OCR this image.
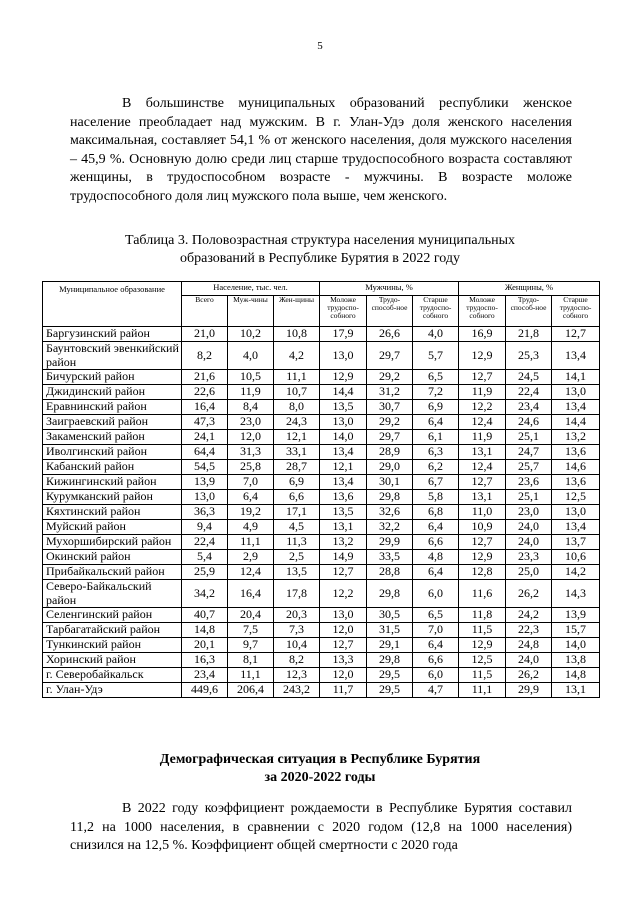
5

В большинстве муниципальных образований республики женское население преобладает над мужским. В г. Улан-Удэ доля женского населения максимальная, составляет 54,1 % от женского населения, доля мужского населения – 45,9 %. Основную долю среди лиц старше трудоспособного возраста составляют женщины, в трудоспособном возрасте - мужчины. В возрасте моложе трудоспособного доля лиц мужского пола выше, чем женского.

Таблица 3. Половозрастная структура населения муниципальных
образований в Республике Бурятия в 2022 году
Муниципальное образование	Население, тыс. чел.			Мужчины, %			Женщины, %		
	Всего	Муж-чины	Жен-щины	Моложе трудоспо-собного	Трудо-способ-ное	Старше трудоспо-собного	Моложе трудоспо-собного	Трудо-способ-ное	Старше трудоспо-собного
Баргузинский район	21,0	10,2	10,8	17,9	26,6	4,0	16,9	21,8	12,7
Баунтовский эвенкийский район	8,2	4,0	4,2	13,0	29,7	5,7	12,9	25,3	13,4
Бичурский район	21,6	10,5	11,1	12,9	29,2	6,5	12,7	24,5	14,1
Джидинский район	22,6	11,9	10,7	14,4	31,2	7,2	11,9	22,4	13,0
Еравнинский район	16,4	8,4	8,0	13,5	30,7	6,9	12,2	23,4	13,4
Заиграевский район	47,3	23,0	24,3	13,0	29,2	6,4	12,4	24,6	14,4
Закаменский район	24,1	12,0	12,1	14,0	29,7	6,1	11,9	25,1	13,2
Иволгинский район	64,4	31,3	33,1	13,4	28,9	6,3	13,1	24,7	13,6
Кабанский район	54,5	25,8	28,7	12,1	29,0	6,2	12,4	25,7	14,6
Кижингинский район	13,9	7,0	6,9	13,4	30,1	6,7	12,7	23,6	13,6
Курумканский район	13,0	6,4	6,6	13,6	29,8	5,8	13,1	25,1	12,5
Кяхтинский район	36,3	19,2	17,1	13,5	32,6	6,8	11,0	23,0	13,0
Муйский район	9,4	4,9	4,5	13,1	32,2	6,4	10,9	24,0	13,4
Мухоршибирский район	22,4	11,1	11,3	13,2	29,9	6,6	12,7	24,0	13,7
Окинский район	5,4	2,9	2,5	14,9	33,5	4,8	12,9	23,3	10,6
Прибайкальский район	25,9	12,4	13,5	12,7	28,8	6,4	12,8	25,0	14,2
Северо-Байкальский район	34,2	16,4	17,8	12,2	29,8	6,0	11,6	26,2	14,3
Селенгинский район	40,7	20,4	20,3	13,0	30,5	6,5	11,8	24,2	13,9
Тарбагатайский район	14,8	7,5	7,3	12,0	31,5	7,0	11,5	22,3	15,7
Тункинский район	20,1	9,7	10,4	12,7	29,1	6,4	12,9	24,8	14,0
Хоринский район	16,3	8,1	8,2	13,3	29,8	6,6	12,5	24,0	13,8
г. Северобайкальск	23,4	11,1	12,3	12,0	29,5	6,0	11,5	26,2	14,8
г. Улан-Удэ	449,6	206,4	243,2	11,7	29,5	4,7	11,1	29,9	13,1
Демографическая ситуация в Республике Бурятия
за 2020-2022 годы

В 2022 году коэффициент рождаемости в Республике Бурятия составил 11,2 на 1000 населения, в сравнении с 2020 годом (12,8 на 1000 населения) снизился на 12,5 %. Коэффициент общей смертности с 2020 года
